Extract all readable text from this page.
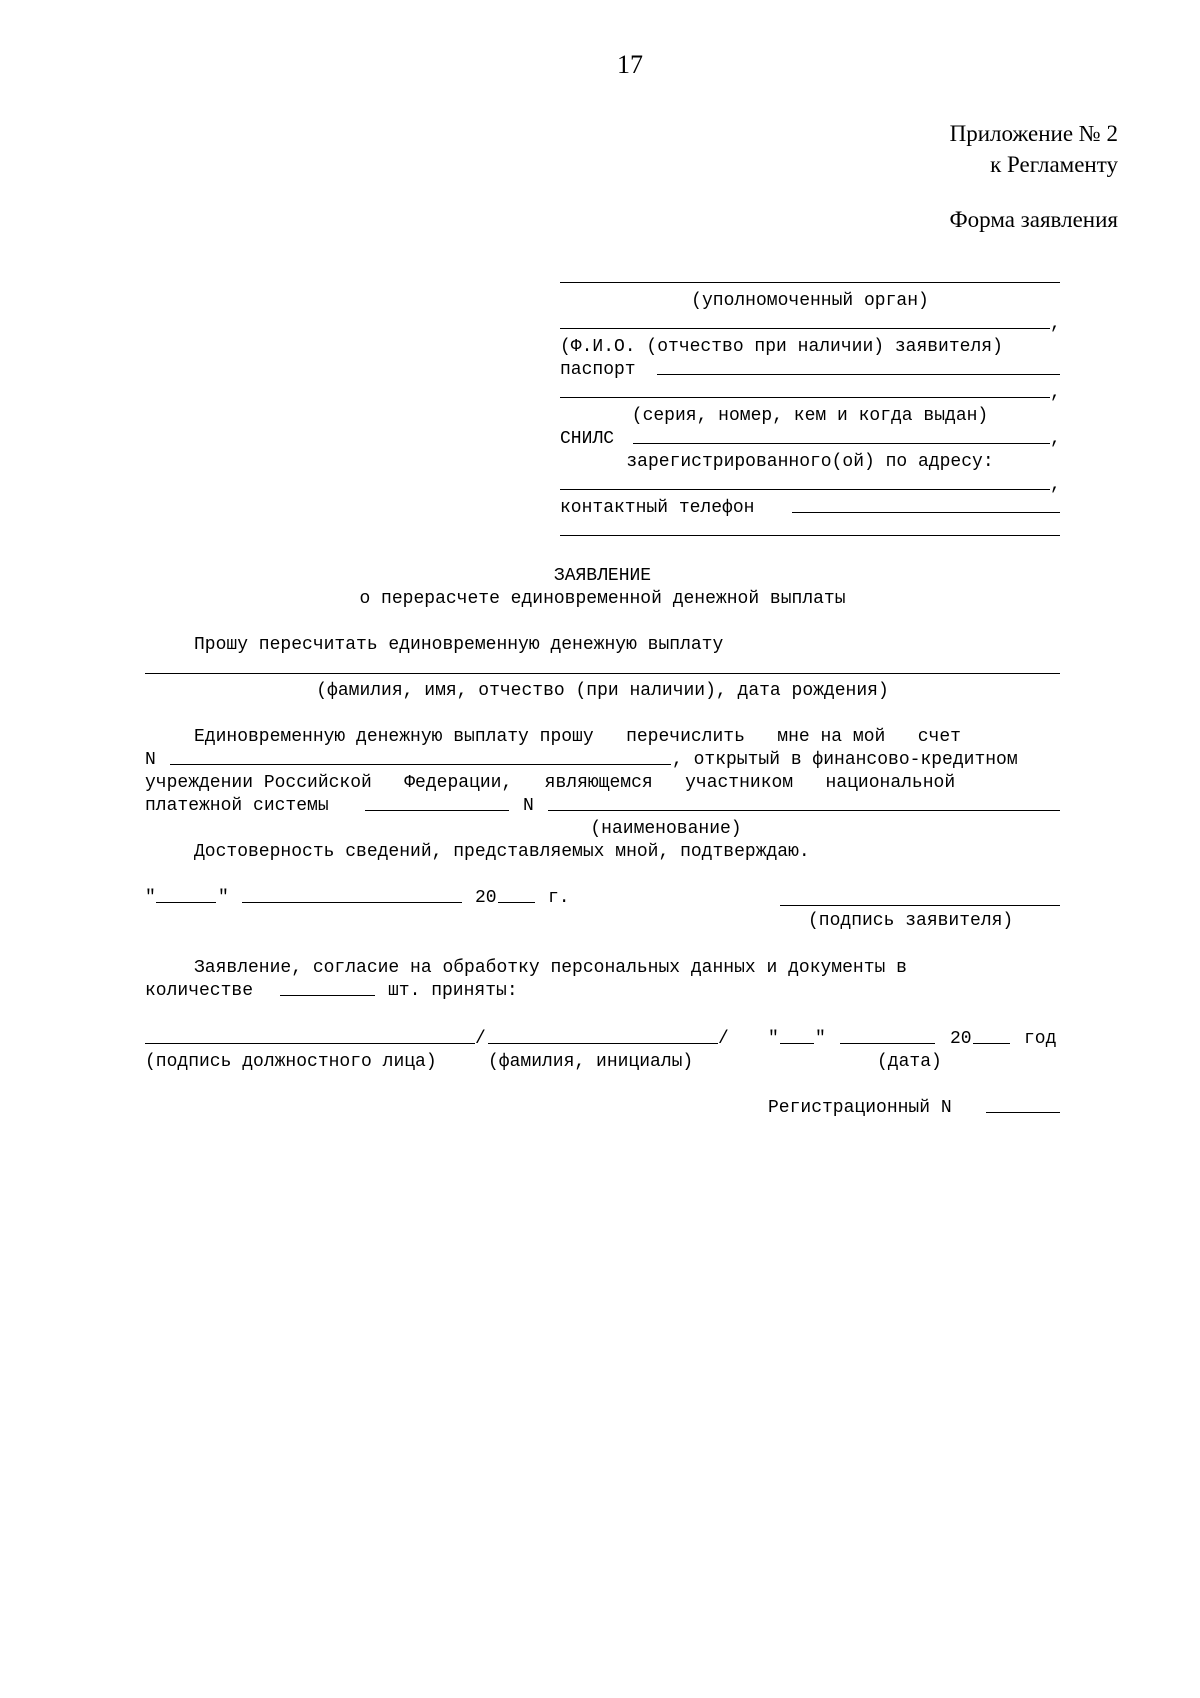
17
Приложение № 2
к Регламенту
Форма заявления
(уполномоченный орган)
,
(Ф.И.О. (отчество при наличии) заявителя)
паспорт
,
(серия, номер, кем и когда выдан)
СНИЛС	,
зарегистрированного(ой) по адресу:
,
контактный телефон
ЗАЯВЛЕНИЕ
о перерасчете единовременной денежной выплаты
Прошу пересчитать единовременную денежную выплату
(фамилия, имя, отчество (при наличии), дата рождения)
Единовременную денежную выплату прошу   перечислить   мне на мой   счет
N	, открытый в финансово-кредитном
учреждении Российской   Федерации,   являющемся   участником   национальной
платежной системы	N
(наименование)
Достоверность сведений, представляемых мной, подтверждаю.
"	"	20	г.
(подпись заявителя)
Заявление, согласие на обработку персональных данных и документы в
количестве	шт. приняты:
/	/ " "	20	год
(подпись должностного лица)	(фамилия, инициалы)	(дата)
Регистрационный N
